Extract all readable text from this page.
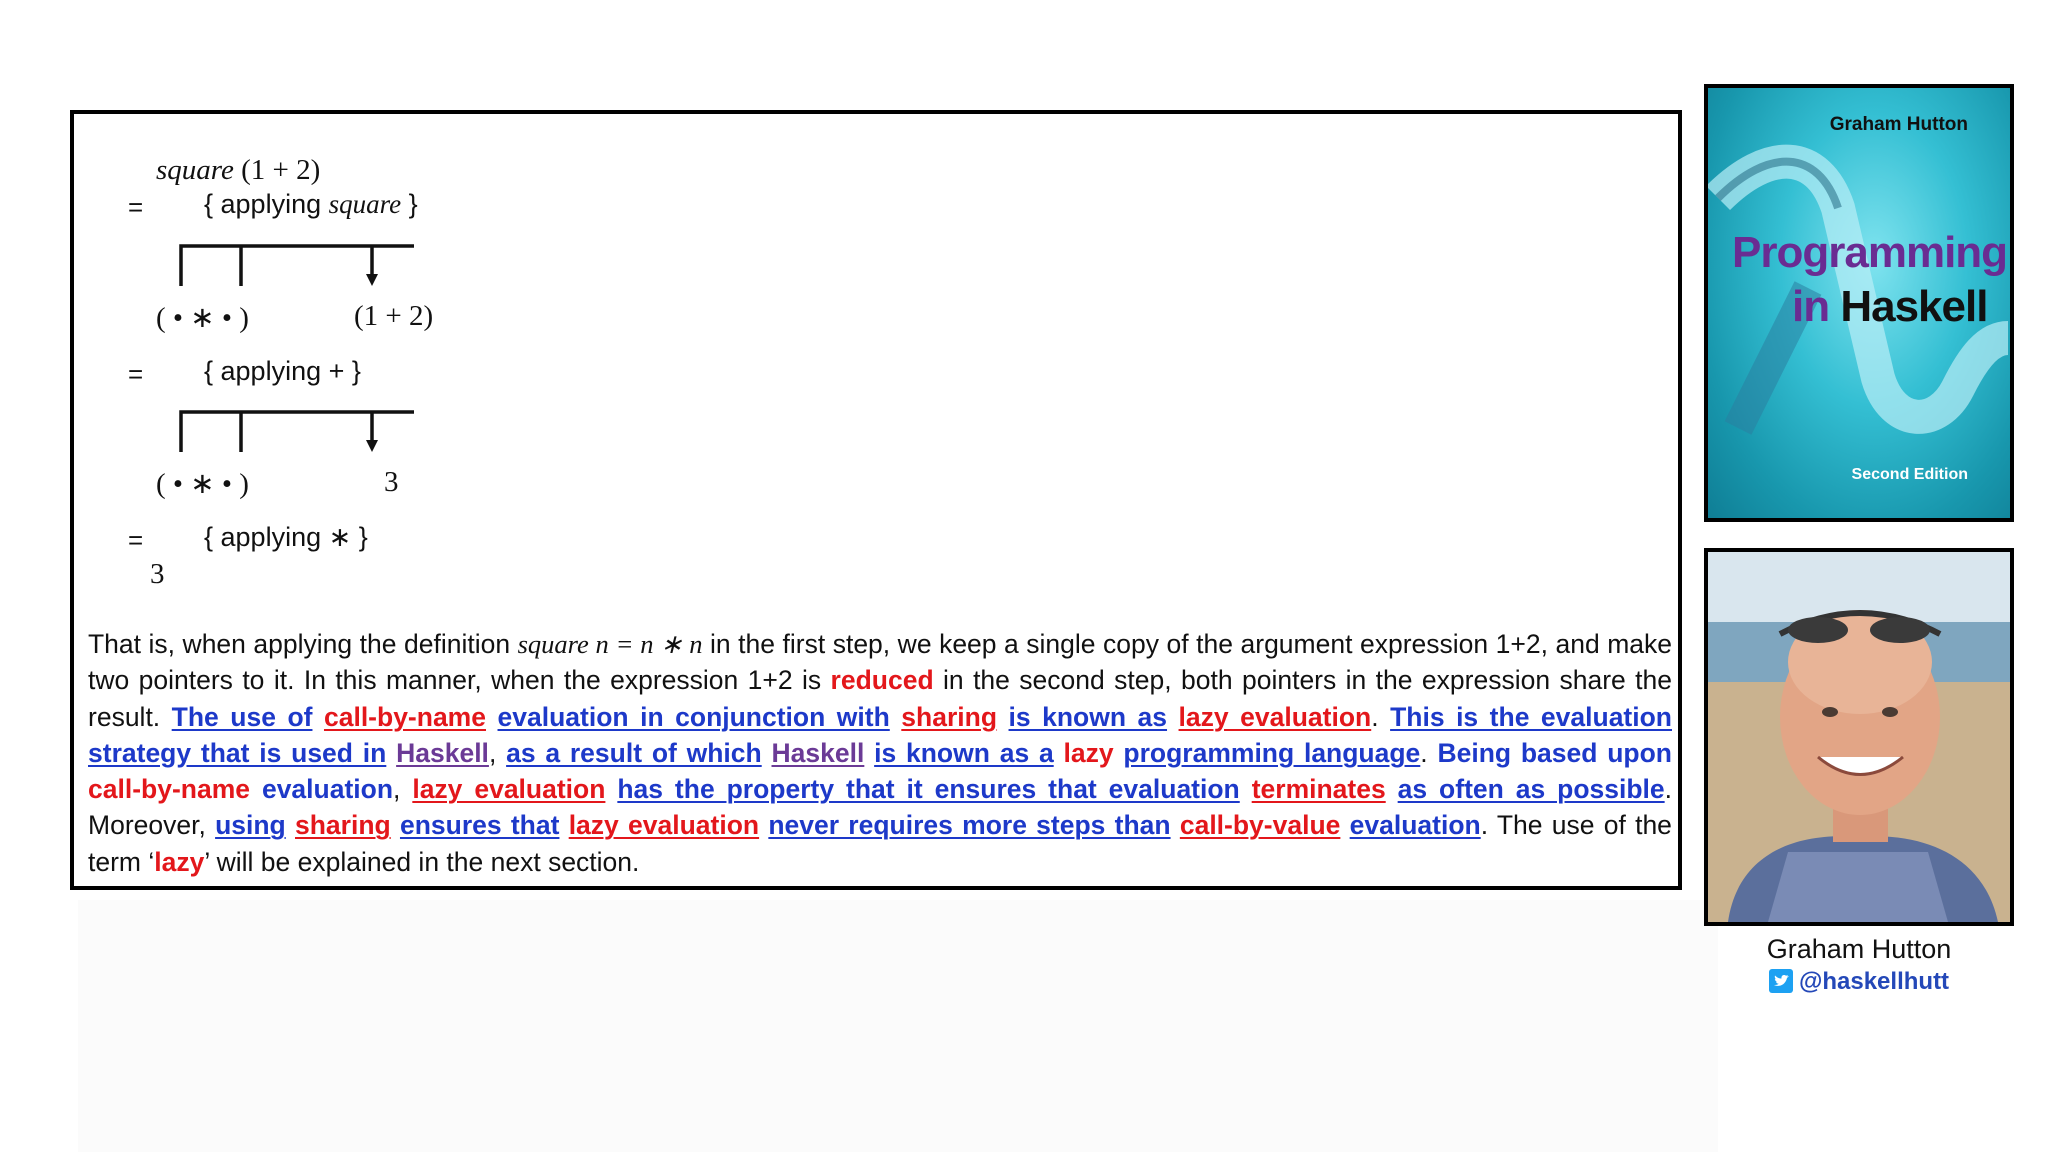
square (1 + 2)
= { applying square }
( • ∗ • )	(1 + 2)
= { applying + }
( • ∗ • )	3
= { applying ∗ }
3
That is, when applying the definition square n = n ∗ n in the first step, we keep a single copy of the argument expression 1+2, and make two pointers to it. In this manner, when the expression 1+2 is reduced in the second step, both pointers in the expression share the result. The use of call-by-name evaluation in conjunction with sharing is known as lazy evaluation. This is the evaluation strategy that is used in Haskell, as a result of which Haskell is known as a lazy programming language. Being based upon call-by-name evaluation, lazy evaluation has the property that it ensures that evaluation terminates as often as possible. Moreover, using sharing ensures that lazy evaluation never requires more steps than call-by-value evaluation. The use of the term ‘lazy’ will be explained in the next section.
Graham Hutton
Programming
in Haskell
Second Edition
Graham Hutton
@haskellhutt
